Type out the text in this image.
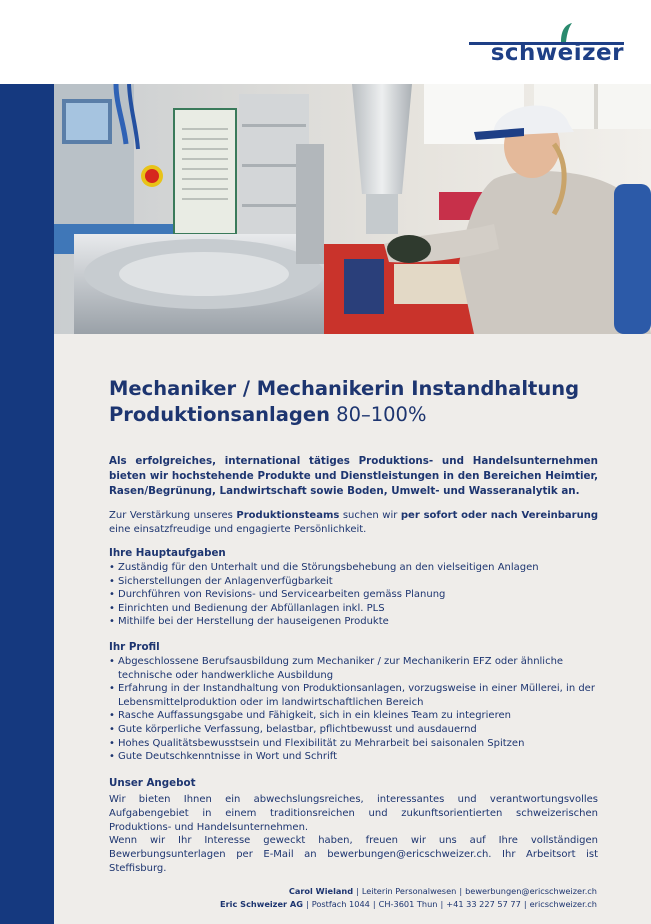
schweizer
Mechaniker / Mechanikerin Instandhaltung
Produktionsanlagen 80–100%

Als erfolgreiches, international tätiges Produktions- und Handelsunternehmen bieten wir hochstehende Produkte und Dienstleistungen in den Bereichen Heimtier, Rasen/Begrünung, Landwirtschaft sowie Boden, Umwelt- und Wasseranalytik an.

Zur Verstärkung unseres Produktionsteams suchen wir per sofort oder nach Vereinbarung eine einsatzfreudige und engagierte Persönlichkeit.

Ihre Hauptaufgaben
• Zuständig für den Unterhalt und die Störungsbehebung an den vielseitigen Anlagen
• Sicherstellungen der Anlagenverfügbarkeit
• Durchführen von Revisions- und Servicearbeiten gemäss Planung
• Einrichten und Bedienung der Abfüllanlagen inkl. PLS
• Mithilfe bei der Herstellung der hauseigenen Produkte
Ihr Profil
• Abgeschlossene Berufsausbildung zum Mechaniker / zur Mechanikerin EFZ oder ähnliche technische oder handwerkliche Ausbildung
• Erfahrung in der Instandhaltung von Produktionsanlagen, vorzugsweise in einer Müllerei, in der Lebensmittelproduktion oder im landwirtschaftlichen Bereich
• Rasche Auffassungsgabe und Fähigkeit, sich in ein kleines Team zu integrieren
• Gute körperliche Verfassung, belastbar, pflichtbewusst und ausdauernd
• Hohes Qualitätsbewusstsein und Flexibilität zu Mehrarbeit bei saisonalen Spitzen
• Gute Deutschkenntnisse in Wort und Schrift
Unser Angebot

Wir bieten Ihnen ein abwechslungsreiches, interessantes und verantwortungsvolles Aufgabengebiet in einem traditionsreichen und zukunftsorientierten schweizerischen Produktions- und Handelsunternehmen.

Wenn wir Ihr Interesse geweckt haben, freuen wir uns auf Ihre vollständigen Bewerbungsunterlagen per E-Mail an bewerbungen@ericschweizer.ch. Ihr Arbeitsort ist Steffisburg.

Carol Wieland | Leiterin Personalwesen | bewerbungen@ericschweizer.ch

Eric Schweizer AG | Postfach 1044 | CH-3601 Thun | +41 33 227 57 77 | ericschweizer.ch
